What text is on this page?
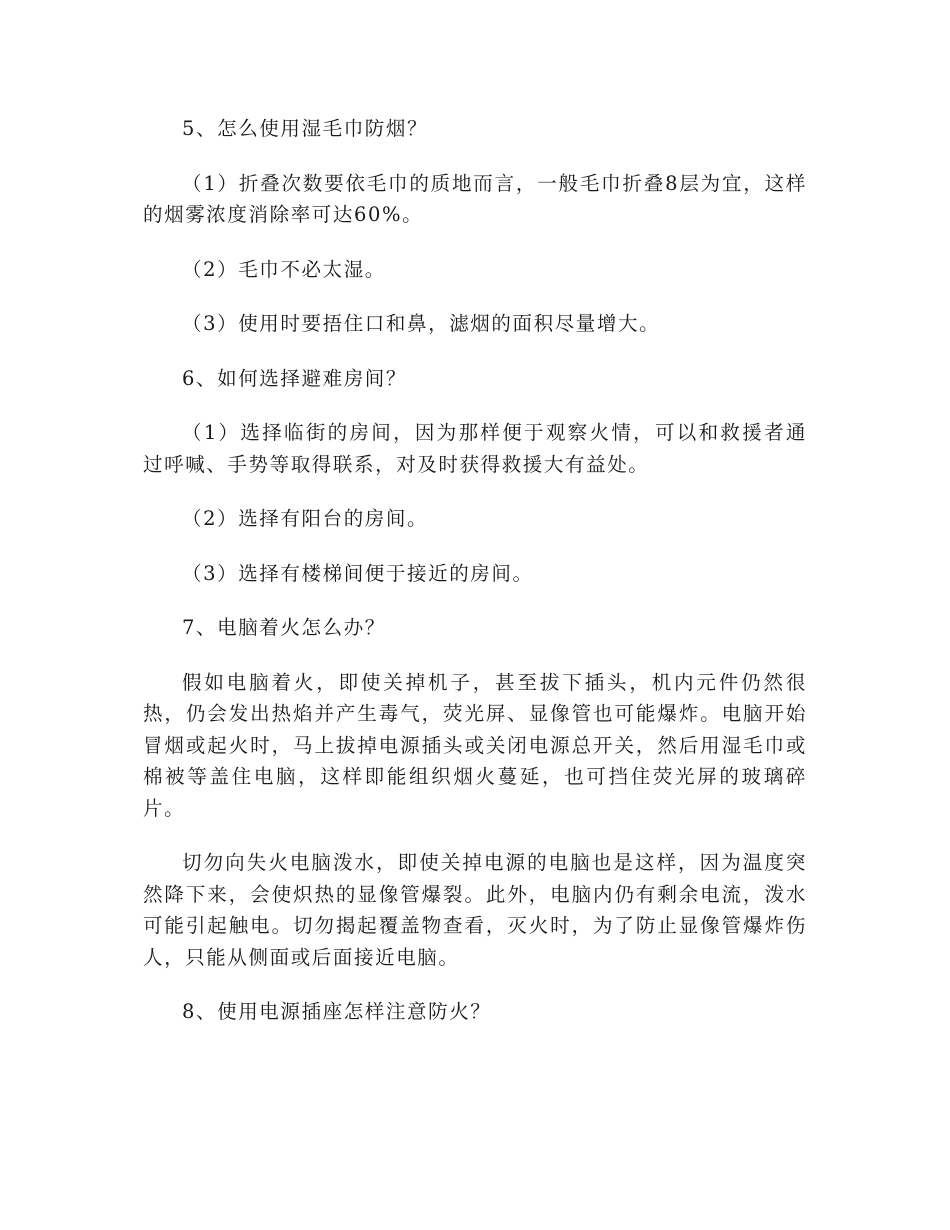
5、怎么使用湿毛巾防烟？

（1）折叠次数要依毛巾的质地而言，一般毛巾折叠8层为宜，这样的烟雾浓度消除率可达60%。

（2）毛巾不必太湿。

（3）使用时要捂住口和鼻，滤烟的面积尽量增大。

6、如何选择避难房间？

（1）选择临街的房间，因为那样便于观察火情，可以和救援者通过呼喊、手势等取得联系，对及时获得救援大有益处。

（2）选择有阳台的房间。

（3）选择有楼梯间便于接近的房间。

7、电脑着火怎么办？

假如电脑着火，即使关掉机子，甚至拔下插头，机内元件仍然很热，仍会发出热焰并产生毒气，荧光屏、显像管也可能爆炸。电脑开始冒烟或起火时，马上拔掉电源插头或关闭电源总开关，然后用湿毛巾或棉被等盖住电脑，这样即能组织烟火蔓延，也可挡住荧光屏的玻璃碎片。

切勿向失火电脑泼水，即使关掉电源的电脑也是这样，因为温度突然降下来，会使炽热的显像管爆裂。此外，电脑内仍有剩余电流，泼水可能引起触电。切勿揭起覆盖物查看，灭火时，为了防止显像管爆炸伤人，只能从侧面或后面接近电脑。

8、使用电源插座怎样注意防火？
